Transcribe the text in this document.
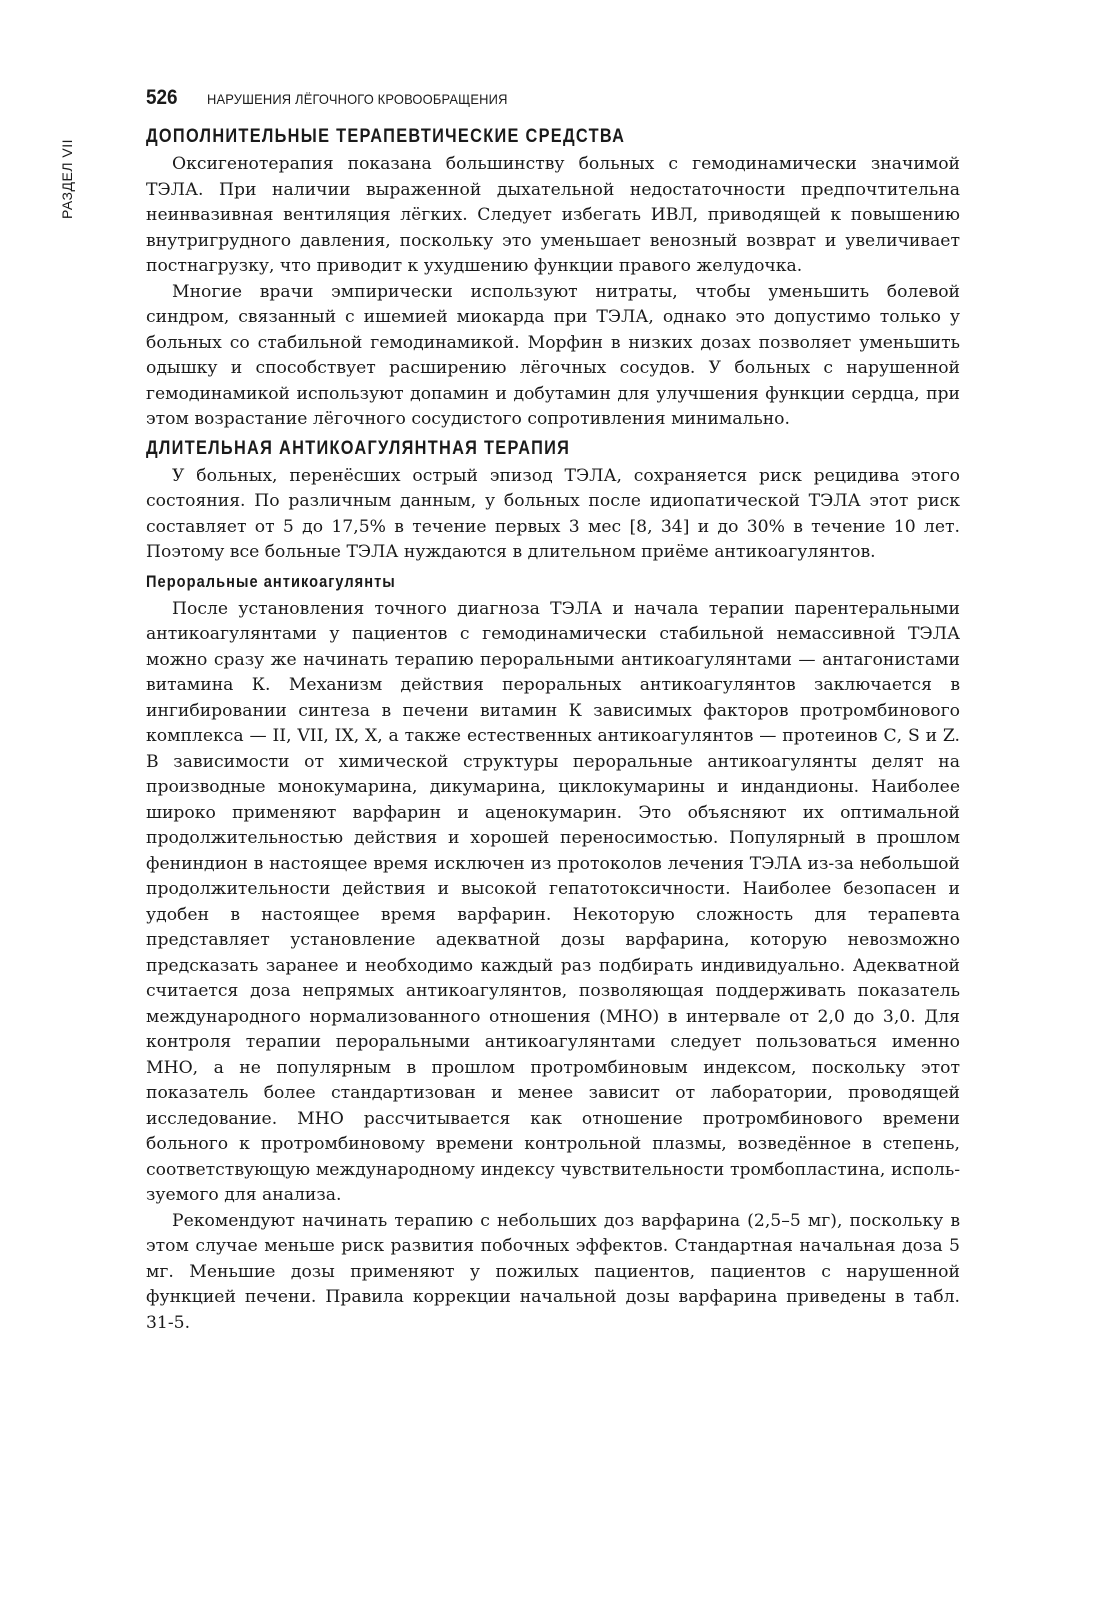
РАЗДЕЛ VII
526 НАРУШЕНИЯ ЛЁГОЧНОГО КРОВООБРАЩЕНИЯ
ДОПОЛНИТЕЛЬНЫЕ ТЕРАПЕВТИЧЕСКИЕ СРЕДСТВА

Оксигенотерапия показана большинству больных с гемодинамически значимой ТЭЛА. При наличии выраженной дыхательной недостаточности предпочтительна неинвазивная вентиляция лёгких. Следует избегать ИВЛ, приводящей к повышению внутригрудного давления, поскольку это уменьшает венозный возврат и увеличивает постнагрузку, что приводит к ухудшению функции правого желудочка.

Многие врачи эмпирически используют нитраты, чтобы уменьшить болевой синдром, связанный с ишемией миокарда при ТЭЛА, однако это допустимо только у больных со стабильной гемодинамикой. Морфин в низких дозах позволяет уменьшить одышку и способствует расширению лёгочных сосудов. У больных с нарушенной гемодинамикой используют допамин и добутамин для улучшения функции сердца, при этом возрастание лёгочного сосудистого сопротивления минимально.

ДЛИТЕЛЬНАЯ АНТИКОАГУЛЯНТНАЯ ТЕРАПИЯ

У больных, перенёсших острый эпизод ТЭЛА, сохраняется риск рецидива этого состояния. По различным данным, у больных после идиопатической ТЭЛА этот риск составляет от 5 до 17,5% в течение первых 3 мес [8, 34] и до 30% в течение 10 лет. Поэтому все больные ТЭЛА нуждаются в длительном приёме антикоагулянтов.

Пероральные антикоагулянты

После установления точного диагноза ТЭЛА и начала терапии парентеральными антикоагулянтами у пациентов с гемодинамически стабильной немассивной ТЭЛА можно сразу же начинать терапию пероральными антикоагулянтами — антагонистами витамина К. Механизм действия пероральных антикоагулянтов заключается в ингибировании синтеза в печени витамин К зависимых факторов протромбинового комплекса — II, VII, IX, X, а также естественных антикоагулянтов — протеинов С, S и Z. В зависимости от химической структуры пероральные антикоагулянты делят на производные монокумарина, дикумарина, циклокумарины и индандионы. Наиболее широко применяют варфарин и аценокумарин. Это объясняют их оптимальной продолжительностью действия и хорошей переносимостью. Популярный в прошлом фениндион в настоящее время исключен из протоколов лечения ТЭЛА из-за небольшой продолжительности действия и высокой гепатотоксичности. Наиболее безопасен и удобен в настоящее время варфарин. Некоторую сложность для терапевта представляет установление адекватной дозы варфарина, которую невозможно предсказать заранее и необходимо каждый раз подбирать индивидуально. Адекватной считается доза непрямых антикоагулянтов, позволяющая поддерживать показатель международного нормализованного отношения (МНО) в интервале от 2,0 до 3,0. Для контроля терапии пероральными антикоагулянтами следует пользоваться именно МНО, а не популярным в прошлом протромбиновым индексом, поскольку этот показатель более стандартизован и менее зависит от лаборатории, проводящей исследование. МНО рассчитывается как отношение протромбинового времени больного к протромбиновому времени контрольной плазмы, возведённое в степень, соответствующую международному индексу чувствительности тромбопластина, используемого для анализа.

Рекомендуют начинать терапию с небольших доз варфарина (2,5–5 мг), поскольку в этом случае меньше риск развития побочных эффектов. Стандартная начальная доза 5 мг. Меньшие дозы применяют у пожилых пациентов, пациентов с нарушенной функцией печени. Правила коррекции начальной дозы варфарина приведены в табл. 31-5.
